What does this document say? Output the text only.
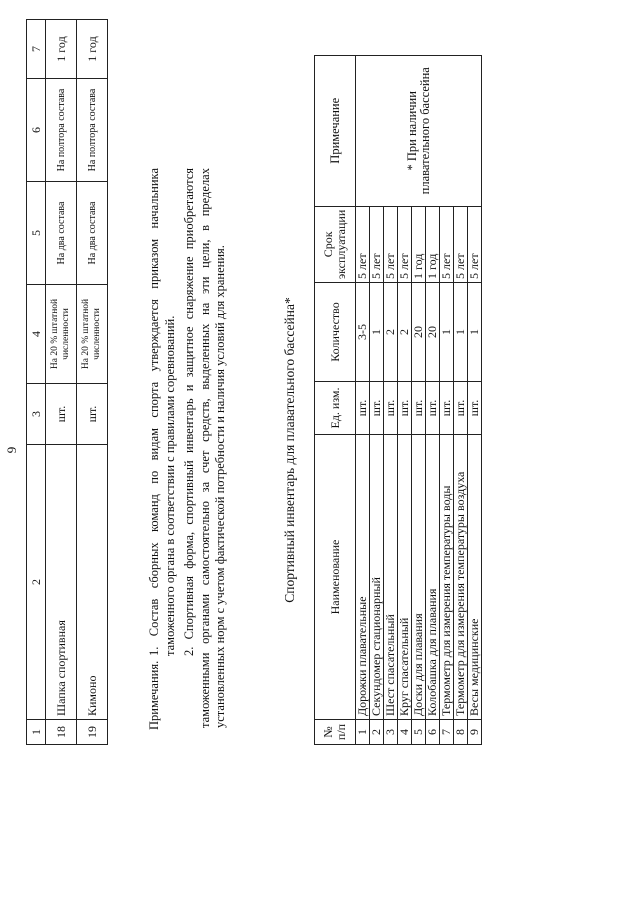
9
1	2	3	4	5	6	7
18	Шапка спортивная	шт.	На 20 % штатной численности	На два состава	На полтора состава	1 год
19	Кимоно	шт.	На 20 % штатной численности	На два состава	На полтора состава	1 год
Примечания.
1. Состав сборных команд по видам спорта утверждается приказом начальника таможенного органа в соответствии с правилами соревнований. 2. Спортивная форма, спортивный инвентарь и защитное снаряжение приобретаются таможенными органами самостоятельно за счет средств, выделенных на эти цели, в пределах установленных норм с учетом фактической потребности и наличия условий для хранения.	Спортивный инвентарь для плавательного бассейна*
№ п/п	Наименование	Ед. изм.	Количество	Срок эксплуатации	Примечание
1	Дорожки плавательные	шт.	3-5	5 лет	* При наличии плавательного бассейна
2	Секундомер стационарный	шт.	1	5 лет	
3	Шест спасательный	шт.	2	5 лет	
4	Круг спасательный	шт.	2	5 лет	
5	Доски для плавания	шт.	20	1 год	
6	Колобашка для плавания	шт.	20	1 год	
7	Термометр для измерения температуры воды	шт.	1	5 лет	
8	Термометр для измерения температуры воздуха	шт.	1	5 лет	
9	Весы медицинские	шт.	1	5 лет	
